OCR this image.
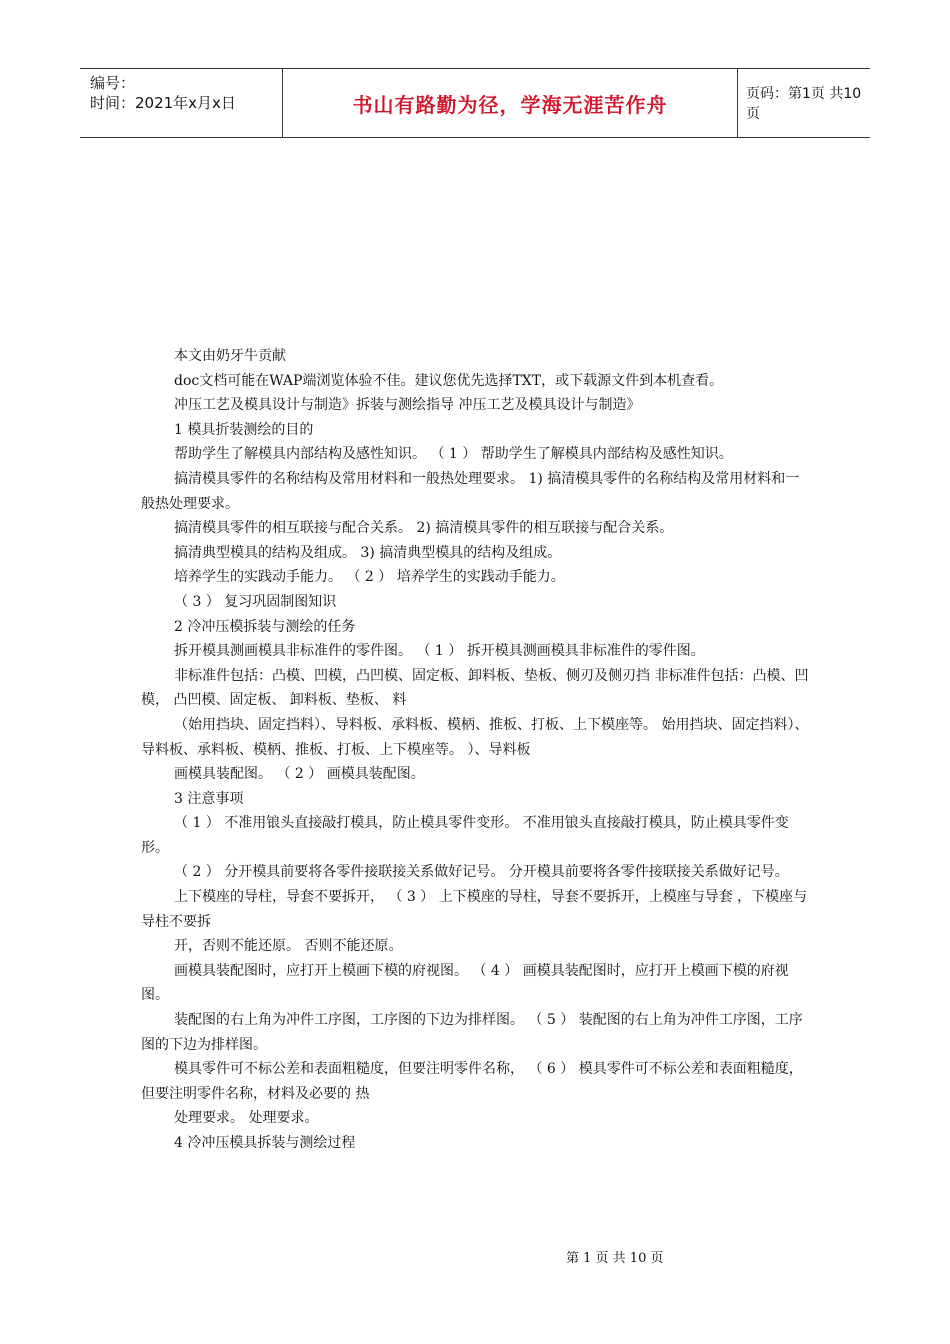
编号：
时间：2021年x月x日	书山有路勤为径，学海无涯苦作舟	页码：第1页 共10页

本文由奶牙牛贡献

doc文档可能在WAP端浏览体验不佳。建议您优先选择TXT，或下载源文件到本机查看。

冲压工艺及模具设计与制造》拆装与测绘指导 冲压工艺及模具设计与制造》

1 模具折装测绘的目的

帮助学生了解模具内部结构及感性知识。 （ 1 ） 帮助学生了解模具内部结构及感性知识。

搞清模具零件的名称结构及常用材料和一般热处理要求。 1) 搞清模具零件的名称结构及常用材料和一般热处理要求。

搞清模具零件的相互联接与配合关系。 2) 搞清模具零件的相互联接与配合关系。

搞清典型模具的结构及组成。 3) 搞清典型模具的结构及组成。

培养学生的实践动手能力。 （ 2 ） 培养学生的实践动手能力。

（ 3 ） 复习巩固制图知识

2 冷冲压模拆装与测绘的任务

拆开模具测画模具非标准件的零件图。 （ 1 ） 拆开模具测画模具非标准件的零件图。

非标准件包括：凸模、凹模，凸凹模、固定板、卸料板、垫板、侧刃及侧刃挡 非标准件包括：凸模、凹模， 凸凹模、固定板、 卸料板、垫板、 料

（始用挡块、固定挡料）、导料板、承料板、模柄、推板、打板、上下模座等。 始用挡块、固定挡料）、导料板、承料板、模柄、推板、打板、上下模座等。 ）、导料板

画模具装配图。 （ 2 ） 画模具装配图。

3 注意事项

（ 1 ） 不准用锒头直接敲打模具，防止模具零件变形。 不准用锒头直接敲打模具，防止模具零件变形。

（ 2 ） 分开模具前要将各零件接联接关系做好记号。 分开模具前要将各零件接联接关系做好记号。

上下模座的导柱，导套不要拆开， （ 3 ） 上下模座的导柱，导套不要拆开，上模座与导套 ，下模座与导柱不要拆

开，否则不能还原。 否则不能还原。

画模具装配图时，应打开上模画下模的府视图。 （ 4 ） 画模具装配图时，应打开上模画下模的府视图。

装配图的右上角为冲件工序图，工序图的下边为排样图。 （ 5 ） 装配图的右上角为冲件工序图，工序图的下边为排样图。

模具零件可不标公差和表面粗糙度，但要注明零件名称， （ 6 ） 模具零件可不标公差和表面粗糙度，但要注明零件名称，材料及必要的 热

处理要求。 处理要求。

4 冷冲压模具拆装与测绘过程

第 1 页 共 10 页
